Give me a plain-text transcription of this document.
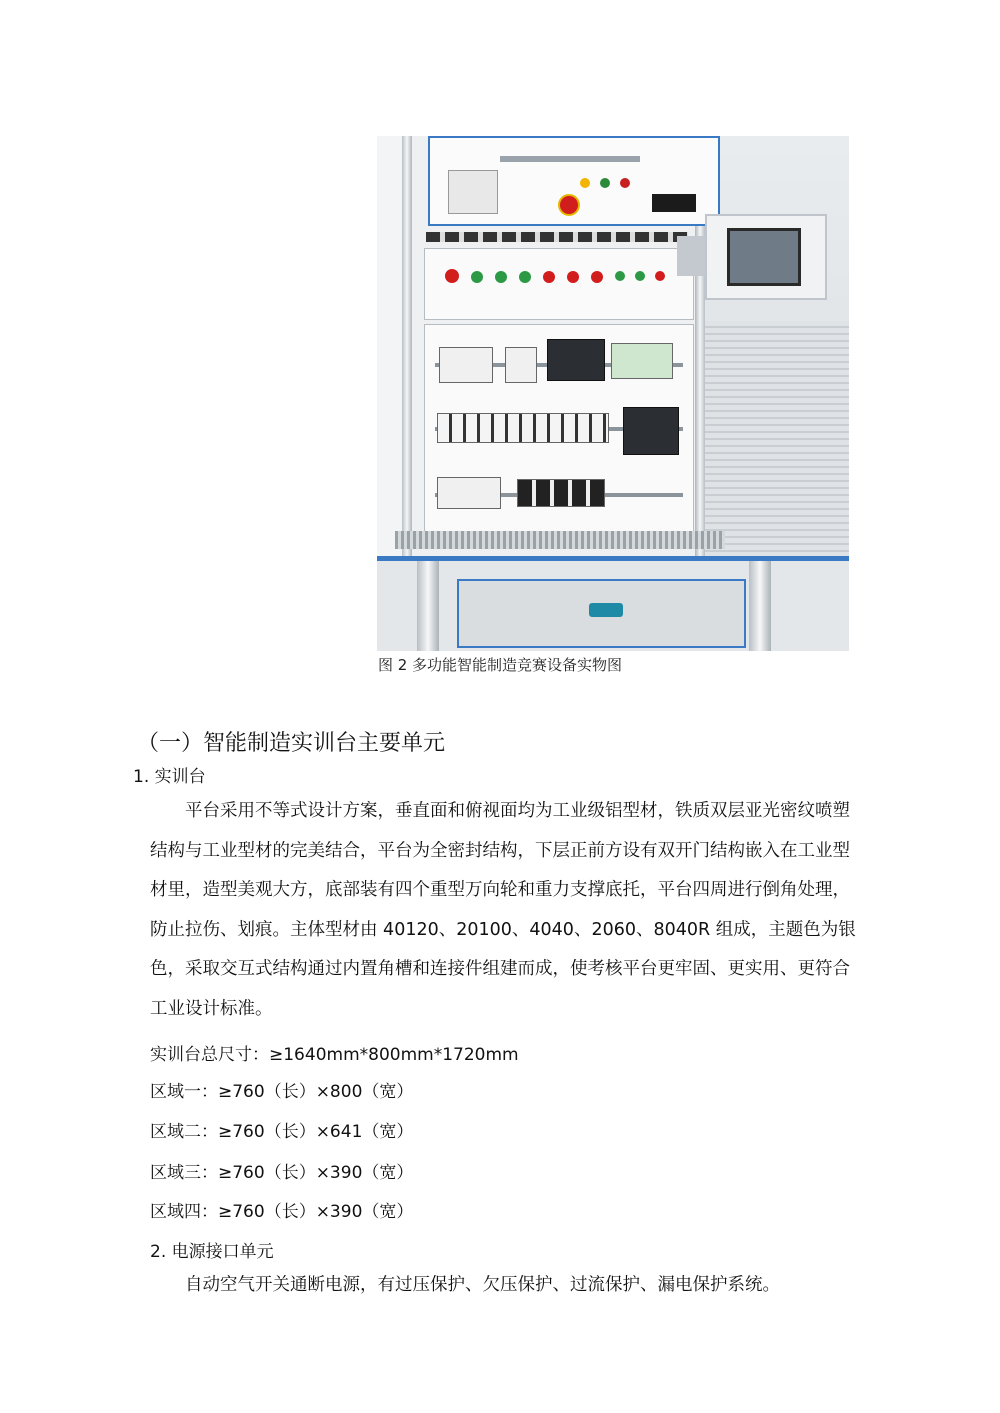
图 2 多功能智能制造竞赛设备实物图
（一）智能制造实训台主要单元
1. 实训台

平台采用不等式设计方案，垂直面和俯视面均为工业级铝型材，铁质双层亚光密纹喷塑结构与工业型材的完美结合，平台为全密封结构，下层正前方设有双开门结构嵌入在工业型材里，造型美观大方，底部装有四个重型万向轮和重力支撑底托，平台四周进行倒角处理，防止拉伤、划痕。主体型材由 40120、20100、4040、2060、8040R 组成，主题色为银色，采取交互式结构通过内置角槽和连接件组建而成，使考核平台更牢固、更实用、更符合工业设计标准。

实训台总尺寸：≥1640mm*800mm*1720mm
区域一：≥760（长）×800（宽）
区域二：≥760（长）×641（宽）
区域三：≥760（长）×390（宽）
区域四：≥760（长）×390（宽）
2. 电源接口单元

自动空气开关通断电源，有过压保护、欠压保护、过流保护、漏电保护系统。
